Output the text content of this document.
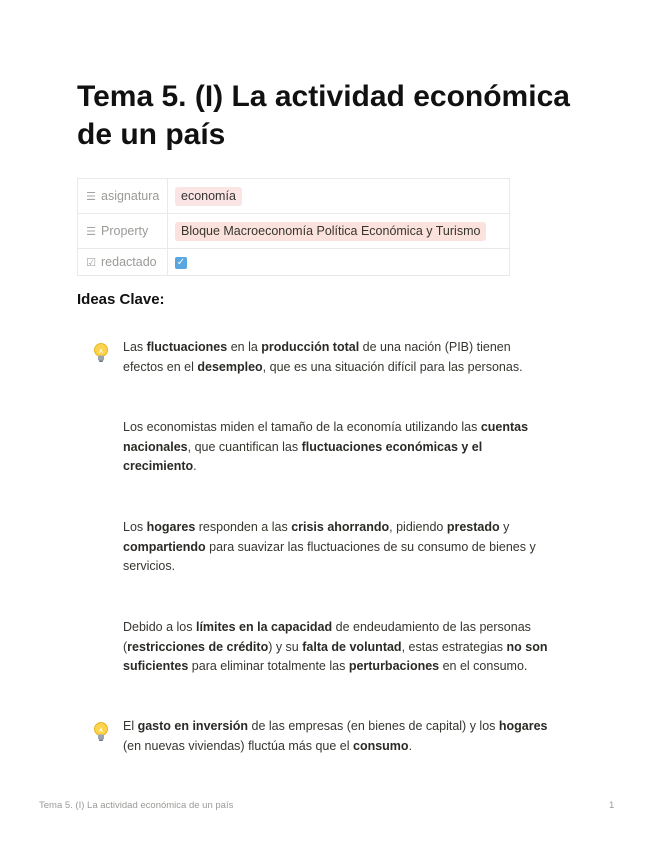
Tema 5. (I) La actividad económica de un país
☰ asignatura	economía
☰ Property	Bloque Macroeconomía Política Económica y Turismo
☑ redactado	✓
Ideas Clave:

Las fluctuaciones en la producción total de una nación (PIB) tienen efectos en el desempleo, que es una situación difícil para las personas.

Los economistas miden el tamaño de la economía utilizando las cuentas nacionales, que cuantifican las fluctuaciones económicas y el crecimiento.

Los hogares responden a las crisis ahorrando, pidiendo prestado y compartiendo para suavizar las fluctuaciones de su consumo de bienes y servicios.

Debido a los límites en la capacidad de endeudamiento de las personas (restricciones de crédito) y su falta de voluntad, estas estrategias no son suficientes para eliminar totalmente las perturbaciones en el consumo.

El gasto en inversión de las empresas (en bienes de capital) y los hogares (en nuevas viviendas) fluctúa más que el consumo.

Tema 5. (I) La actividad económica de un país	1
